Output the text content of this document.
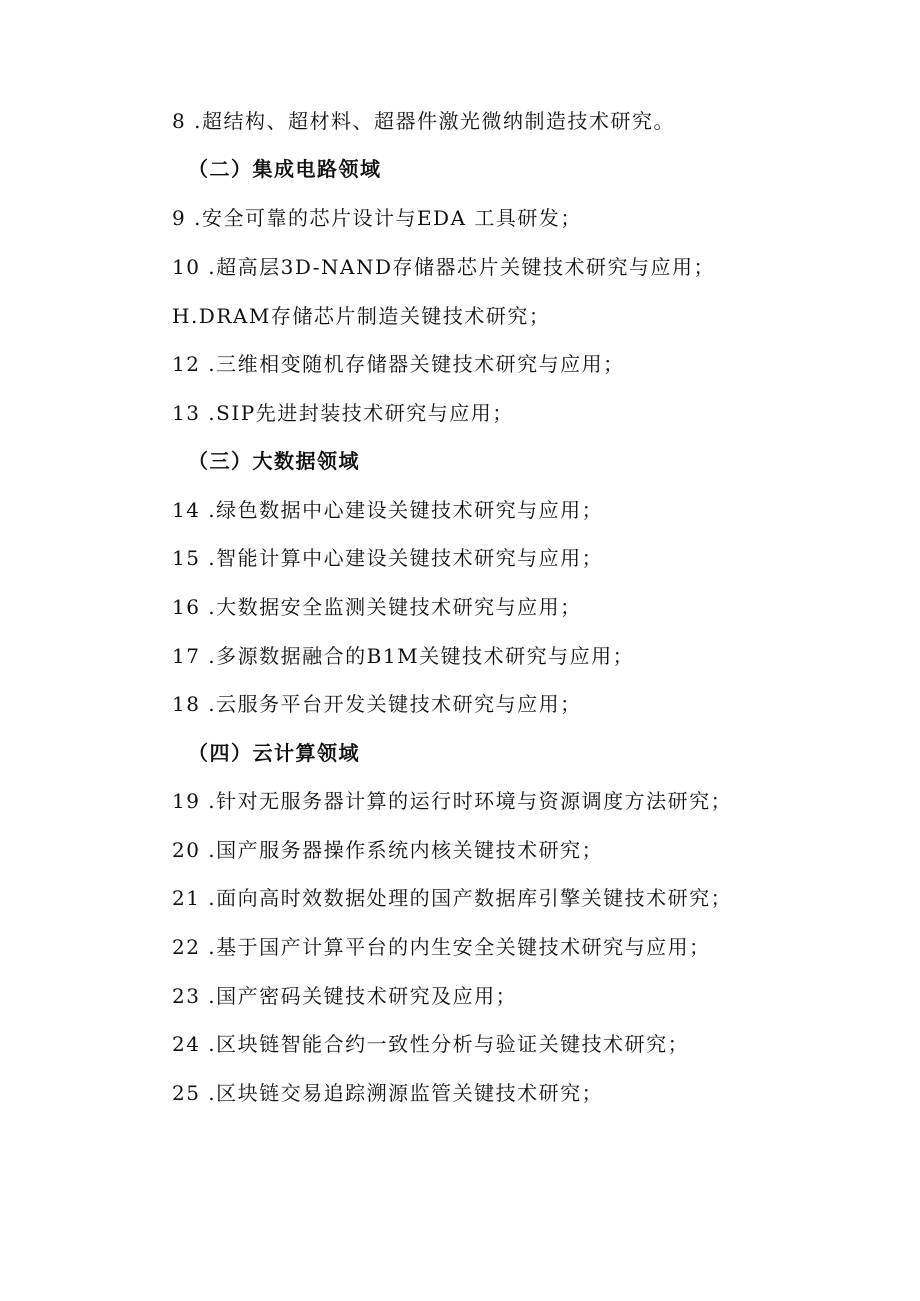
8 .超结构、超材料、超器件激光微纳制造技术研究。
（二）集成电路领域
9 .安全可靠的芯片设计与EDA 工具研发；
10 .超高层3D-NAND存储器芯片关键技术研究与应用；
H.DRAM存储芯片制造关键技术研究；
12 .三维相变随机存储器关键技术研究与应用；
13 .SIP先进封装技术研究与应用；
（三）大数据领域
14 .绿色数据中心建设关键技术研究与应用；
15 .智能计算中心建设关键技术研究与应用；
16 .大数据安全监测关键技术研究与应用；
17 .多源数据融合的B1M关键技术研究与应用；
18 .云服务平台开发关键技术研究与应用；
（四）云计算领域
19 .针对无服务器计算的运行时环境与资源调度方法研究；
20 .国产服务器操作系统内核关键技术研究；
21 .面向高时效数据处理的国产数据库引擎关键技术研究；
22 .基于国产计算平台的内生安全关键技术研究与应用；
23 .国产密码关键技术研究及应用；
24 .区块链智能合约一致性分析与验证关键技术研究；
25 .区块链交易追踪溯源监管关键技术研究；
